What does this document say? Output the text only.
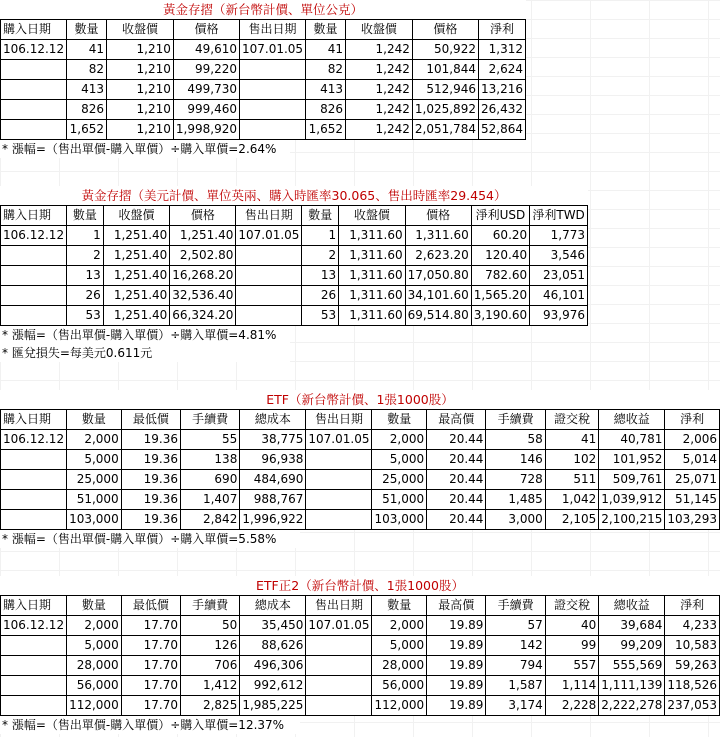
黃金存摺（新台幣計價、單位公克）
購入日期	數量	收盤價	價格	售出日期	數量	收盤價	價格	淨利
106.12.12	41	1,210	49,610	107.01.05	41	1,242	50,922	1,312
	82	1,210	99,220		82	1,242	101,844	2,624
	413	1,210	499,730		413	1,242	512,946	13,216
	826	1,210	999,460		826	1,242	1,025,892	26,432
	1,652	1,210	1,998,920		1,652	1,242	2,051,784	52,864
* 漲幅=（售出單價-購入單價）÷購入單價=2.64%
黃金存摺（美元計價、單位英兩、購入時匯率30.065、售出時匯率29.454）
購入日期	數量	收盤價	價格	售出日期	數量	收盤價	價格	淨利USD	淨利TWD
106.12.12	1	1,251.40	1,251.40	107.01.05	1	1,311.60	1,311.60	60.20	1,773
	2	1,251.40	2,502.80		2	1,311.60	2,623.20	120.40	3,546
	13	1,251.40	16,268.20		13	1,311.60	17,050.80	782.60	23,051
	26	1,251.40	32,536.40		26	1,311.60	34,101.60	1,565.20	46,101
	53	1,251.40	66,324.20		53	1,311.60	69,514.80	3,190.60	93,976
* 漲幅=（售出單價-購入單價）÷購入單價=4.81%
* 匯兌損失=每美元0.611元
ETF（新台幣計價、1張1000股）
購入日期	數量	最低價	手續費	總成本	售出日期	數量	最高價	手續費	證交稅	總收益	淨利
106.12.12	2,000	19.36	55	38,775	107.01.05	2,000	20.44	58	41	40,781	2,006
	5,000	19.36	138	96,938		5,000	20.44	146	102	101,952	5,014
	25,000	19.36	690	484,690		25,000	20.44	728	511	509,761	25,071
	51,000	19.36	1,407	988,767		51,000	20.44	1,485	1,042	1,039,912	51,145
	103,000	19.36	2,842	1,996,922		103,000	20.44	3,000	2,105	2,100,215	103,293
* 漲幅=（售出單價-購入單價）÷購入單價=5.58%
ETF正2（新台幣計價、1張1000股）
購入日期	數量	最低價	手續費	總成本	售出日期	數量	最高價	手續費	證交稅	總收益	淨利
106.12.12	2,000	17.70	50	35,450	107.01.05	2,000	19.89	57	40	39,684	4,233
	5,000	17.70	126	88,626		5,000	19.89	142	99	99,209	10,583
	28,000	17.70	706	496,306		28,000	19.89	794	557	555,569	59,263
	56,000	17.70	1,412	992,612		56,000	19.89	1,587	1,114	1,111,139	118,526
	112,000	17.70	2,825	1,985,225		112,000	19.89	3,174	2,228	2,222,278	237,053
* 漲幅=（售出單價-購入單價）÷購入單價=12.37%
